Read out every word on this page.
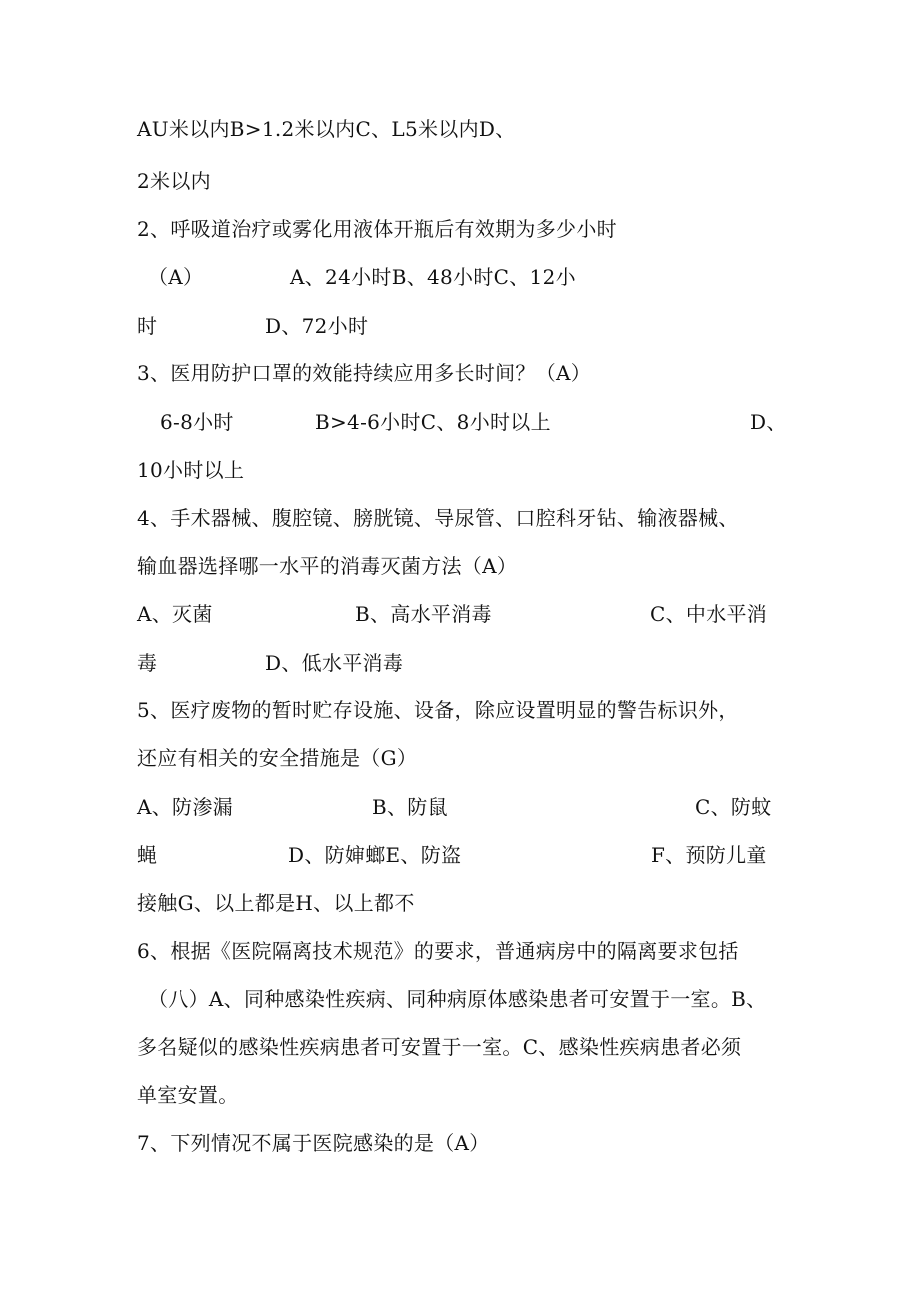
AU米以内B>1.2米以内C、L5米以内D、
2米以内
2、呼吸道治疗或雾化用液体开瓶后有效期为多少小时
（A）	A、24小时B、48小时C、12小
时	D、72小时
3、医用防护口罩的效能持续应用多长时间？（A）
6-8小时	B>4-6小时C、8小时以上	D、
10小时以上
4、手术器械、腹腔镜、膀胱镜、导尿管、口腔科牙钻、输液器械、
输血器选择哪一水平的消毒灭菌方法（A）
A、灭菌	B、高水平消毒	C、中水平消
毒	D、低水平消毒
5、医疗废物的暂时贮存设施、设备，除应设置明显的警告标识外，
还应有相关的安全措施是（G）
A、防渗漏	B、防鼠	C、防蚊
蝇	D、防婶螂E、防盗	F、预防儿童
接触G、以上都是H、以上都不
6、根据《医院隔离技术规范》的要求，普通病房中的隔离要求包括
（八）A、同种感染性疾病、同种病原体感染患者可安置于一室。B、
多名疑似的感染性疾病患者可安置于一室。C、感染性疾病患者必须
单室安置。
7、下列情况不属于医院感染的是（A）
